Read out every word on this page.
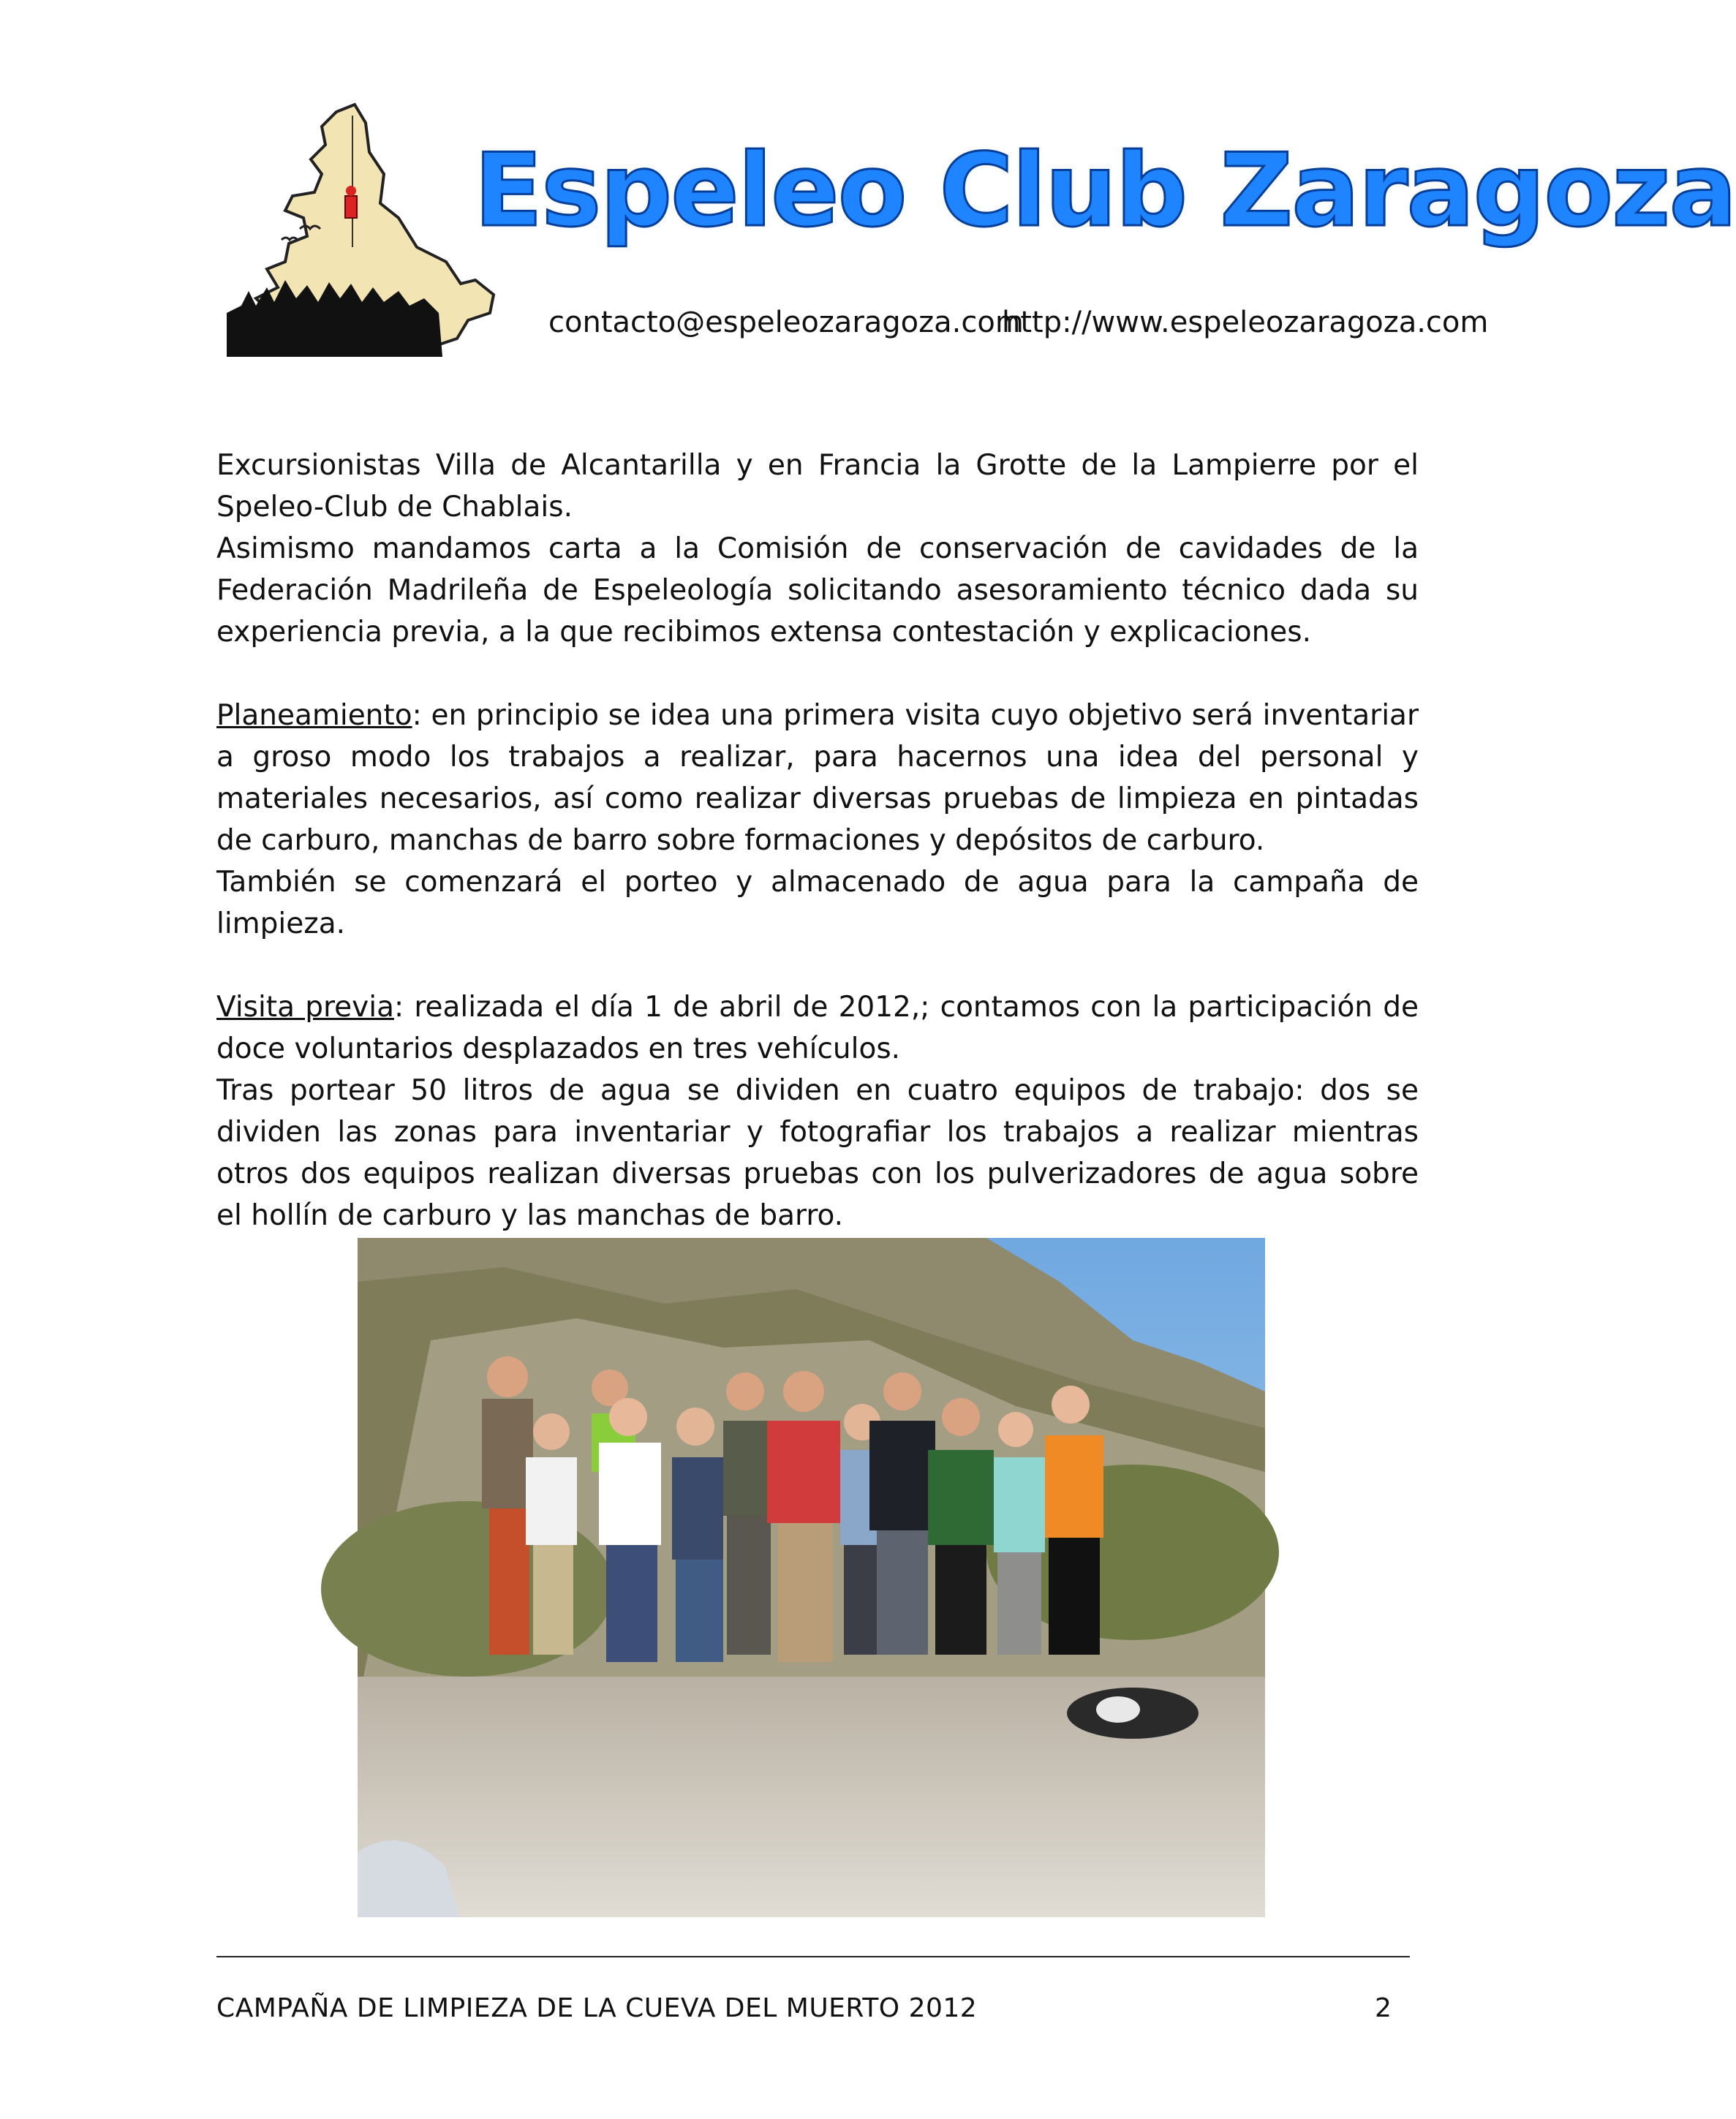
Espeleo Club Zaragoza
contacto@espeleozaragoza.com
http://www.espeleozaragoza.com

Excursionistas Villa de Alcantarilla y en Francia la Grotte de la Lampierre por el Speleo-Club de Chablais.

Asimismo mandamos carta a la Comisión de conservación de cavidades de la Federación Madrileña de Espeleología solicitando asesoramiento técnico dada su experiencia previa, a la que recibimos extensa contestación y explicaciones.

Planeamiento: en principio se idea una primera visita cuyo objetivo será inventariar a groso modo los trabajos a realizar, para hacernos una idea del personal y materiales necesarios, así como realizar diversas pruebas de limpieza en pintadas de carburo, manchas de barro sobre formaciones y depósitos de carburo.

También se comenzará el porteo y almacenado de agua para la campaña de limpieza.

Visita previa: realizada el día 1 de abril de 2012,; contamos con la participación de doce voluntarios desplazados en tres vehículos.

Tras portear 50 litros de agua se dividen en cuatro equipos de trabajo: dos se dividen las zonas para inventariar y fotografiar los trabajos a realizar mientras otros dos equipos realizan diversas pruebas con los pulverizadores de agua sobre el hollín de carburo y las manchas de barro.

CAMPAÑA DE LIMPIEZA DE LA CUEVA DEL MUERTO 2012	2
